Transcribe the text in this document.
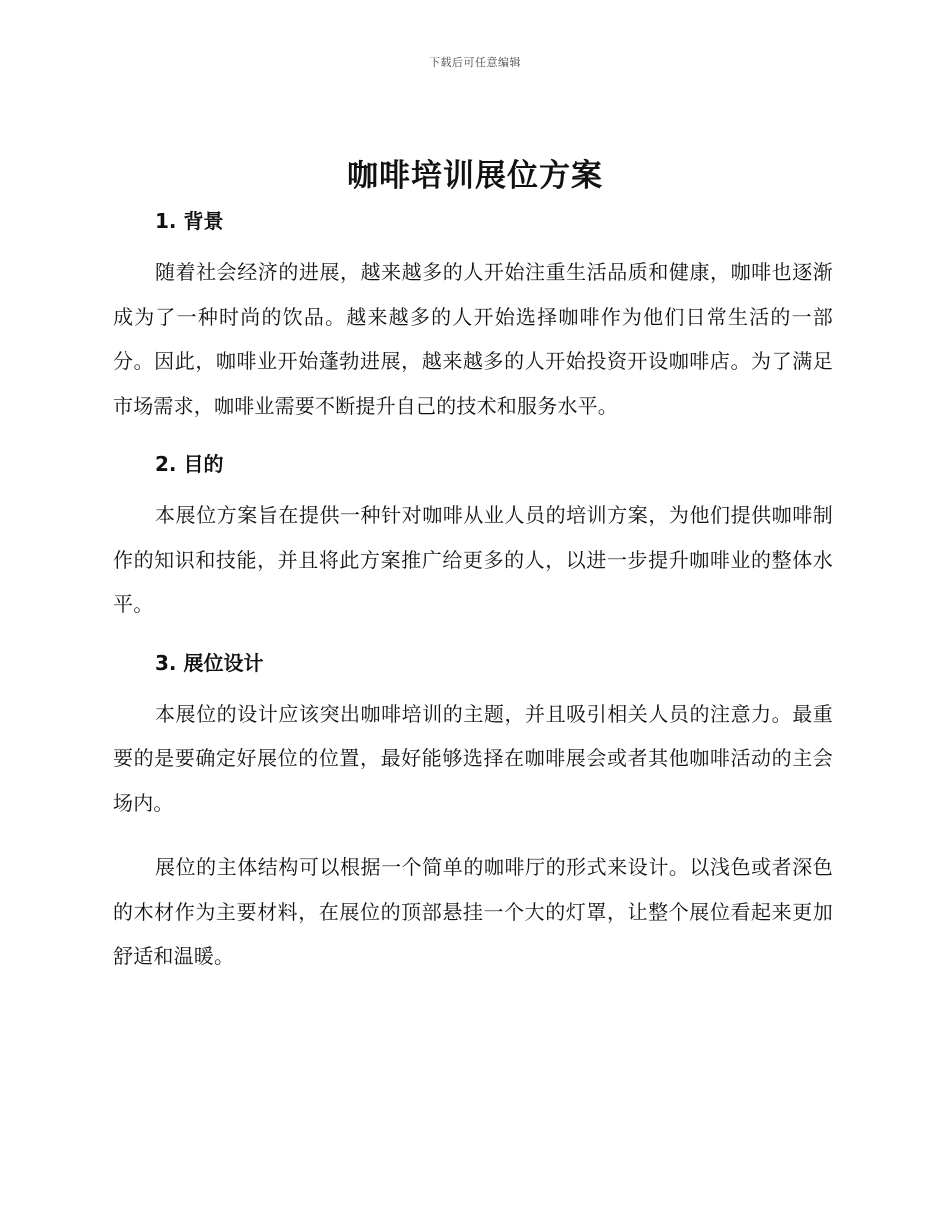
下载后可任意编辑
咖啡培训展位方案
1. 背景

随着社会经济的进展，越来越多的人开始注重生活品质和健康，咖啡也逐渐成为了一种时尚的饮品。越来越多的人开始选择咖啡作为他们日常生活的一部分。因此，咖啡业开始蓬勃进展，越来越多的人开始投资开设咖啡店。为了满足市场需求，咖啡业需要不断提升自己的技术和服务水平。

2. 目的

本展位方案旨在提供一种针对咖啡从业人员的培训方案，为他们提供咖啡制作的知识和技能，并且将此方案推广给更多的人，以进一步提升咖啡业的整体水平。

3. 展位设计

本展位的设计应该突出咖啡培训的主题，并且吸引相关人员的注意力。最重要的是要确定好展位的位置，最好能够选择在咖啡展会或者其他咖啡活动的主会场内。

展位的主体结构可以根据一个简单的咖啡厅的形式来设计。以浅色或者深色的木材作为主要材料，在展位的顶部悬挂一个大的灯罩，让整个展位看起来更加舒适和温暖。
